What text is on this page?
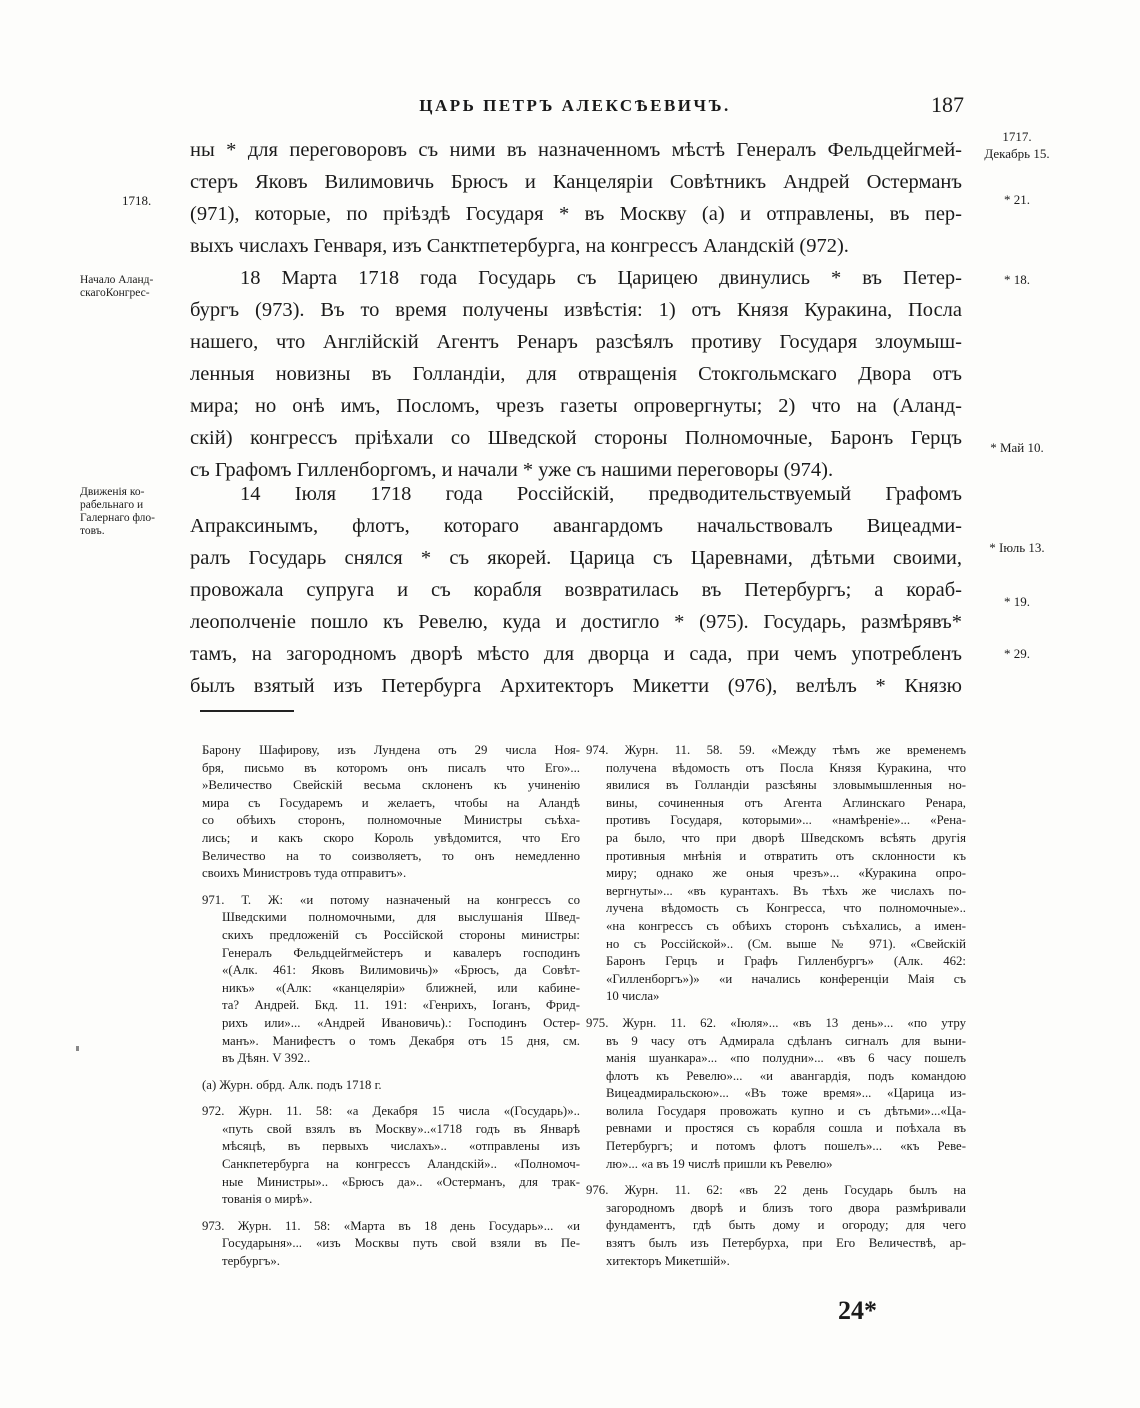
ЦАРЬ ПЕТРЪ АЛЕКСѢЕВИЧЪ.	187
1717.
Декабрь 15.
* 21.
* 18.
* Май 10.
* Іюль 13.
* 19.
* 29.
1718.
Начало Аланд-
скагоКонгрес-
Движенія ко-
рабельнаго и
Галернаго фло-
товъ.
ны * для переговоровъ съ ними въ назначенномъ мѣстѣ Генералъ Фельдцейгмей-
стеръ Яковъ Вилимовичь Брюсъ и Канцеляріи Совѣтникъ Андрей Остерманъ
(971), которые, по пріѣздѣ Государя * въ Москву (а) и отправлены, въ пер-
выхъ числахъ Генваря, изъ Санктпетербурга, на конгрессъ Аландскій (972).
18 Марта 1718 года Государь съ Царицею двинулись * въ Петер-
бургъ (973). Въ то время получены извѣстія: 1) отъ Князя Куракина, Посла
нашего, что Англійскій Агентъ Ренаръ разсѣялъ противу Государя злоумыш-
ленныя новизны въ Голландіи, для отвращенія Стокгольмскаго Двора отъ
мира; но онѣ имъ, Посломъ, чрезъ газеты опровергнуты; 2) что на (Аланд-
скій) конгрессъ пріѣхали со Шведской стороны Полномочные, Баронъ Герцъ
съ Графомъ Гилленборгомъ, и начали * уже съ нашими переговоры (974).
14 Іюля 1718 года Россійскій, предводительствуемый Графомъ
Апраксинымъ, флотъ, котораго авангардомъ начальствовалъ Вицеадми-
ралъ Государь снялся * съ якорей. Царица съ Царевнами, дѣтьми своими,
провожала супруга и съ корабля возвратилась въ Петербургъ; а кораб-
леополченіе пошло къ Ревелю, куда и достигло * (975). Государь, размѣрявъ*
тамъ, на загородномъ дворѣ мѣсто для дворца и сада, при чемъ употребленъ
былъ взятый изъ Петербурга Архитекторъ Микетти (976), велѣлъ * Князю
Барону Шафирову, изъ Лундена отъ 29 числа Ноя-
бря, письмо въ которомъ онъ писалъ что Его»...
»Величество Свейскій весьма склоненъ къ учиненію
мира съ Государемъ и желаетъ, чтобы на Аландѣ
со обѣихъ сторонъ, полномочные Министры съѣха-
лись; и какъ скоро Король увѣдомится, что Его
Величество на то соизволяетъ, то онъ немедленно
своихъ Министровъ туда отправитъ».
971. Т. Ж: «и потому назначеный на конгрессъ со
Шведскими полномочными, для выслушанія Швед-
скихъ предложеній съ Россійской стороны министры:
Генералъ Фельдцейгмейстеръ и кавалеръ господинъ
«(Алк. 461: Яковъ Вилимовичь)» «Брюсъ, да Совѣт-
никъ» «(Алк: «канцеляріи» ближней, или кабинe-
та? Андрей. Бкд. 11. 191: «Генрихъ, Іоганъ, Фрид-
рихъ или»... «Андрей Ивановичь).: Господинъ Остер-
манъ». Манифестъ о томъ Декабря отъ 15 дня, см.
въ Дѣян. V 392..
(а) Журн. обрд. Алк. подъ 1718 г.
972. Журн. 11. 58: «а Декабря 15 числа «(Государь)»..
«путь свой взялъ въ Москву»..«1718 годъ въ Январѣ
мѣсяцѣ, въ первыхъ числахъ».. «отправлены изъ
Санкпетербурга на конгрессъ Аландскій».. «Полномоч-
ные Министры».. «Брюсъ да».. «Остерманъ, для трак-
тованія о мирѣ».
973. Журн. 11. 58: «Марта въ 18 день Государь»... «и
Государыня»... «изъ Москвы путь свой взяли въ Пе-
тербургъ».
974. Журн. 11. 58. 59. «Между тѣмъ же временемъ
получена вѣдомость отъ Посла Князя Куракина, что
явилися въ Голландіи разсѣяны зловымышленныя но-
вины, сочиненныя отъ Агента Аглинскаго Ренара,
противъ Государя, которыми»... «намѣреніе»... «Рена-
ра было, что при дворѣ Шведскомъ всѣять другія
противныя мнѣнія и отвратить отъ склонности къ
миру; однако же оныя чрезъ»... «Куракина опро-
вергнуты»... «въ курантахъ. Въ тѣхъ же числахъ по-
лучена вѣдомость съ Конгресса, что полномочные»..
«на конгрессъ съ обѣихъ сторонъ съѣхались, а имен-
но съ Россійской».. (См. выше № 971). «Свейскій
Баронъ Герцъ и Графъ Гилленбургъ» (Алк. 462:
«Гилленборгъ»)» «и начались конференціи Маія съ
10 числа»
975. Журн. 11. 62. «Іюля»... «въ 13 день»... «по утру
въ 9 часу отъ Адмирала сдѣланъ сигналъ для выни-
манія шуанкара»... «по полудни»... «въ 6 часу пошелъ
флотъ къ Ревелю»... «и авангардія, подъ командою
Вицеадмиральскою»... «Въ тоже время»... «Царица из-
волила Государя провожать купно и съ дѣтьми»...«Ца-
ревнами и простяся съ корабля сошла и поѣхала въ
Петербургъ; и потомъ флотъ пошелъ»... «къ Реве-
лю»... «а въ 19 числѣ пришли къ Ревелю»
976. Журн. 11. 62: «въ 22 день Государь былъ на
загородномъ дворѣ и близъ того двора размѣривали
фундаментъ, гдѣ быть дому и огороду; для чего
взятъ былъ изъ Петербурха, при Его Величествѣ, ар-
хитекторъ Микетшій».
24*
